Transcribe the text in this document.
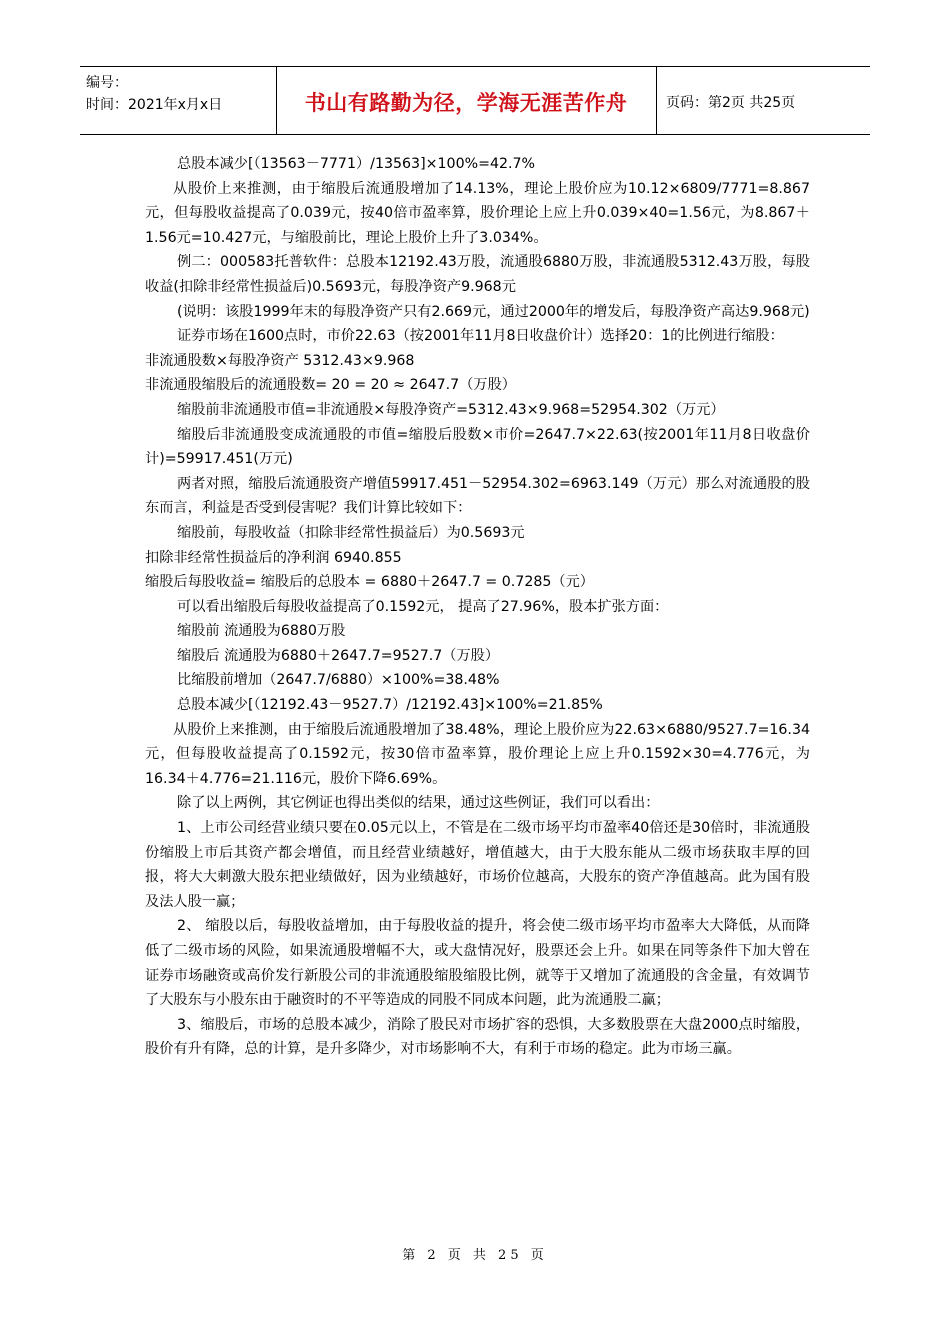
编号：
时间：2021年x月x日	书山有路勤为径，学海无涯苦作舟	页码：第2页 共25页

总股本减少[（13563－7771）/13563]×100%=42.7%

从股价上来推测，由于缩股后流通股增加了14.13%，理论上股价应为10.12×6809/7771=8.867元，但每股收益提高了0.039元，按40倍市盈率算，股价理论上应上升0.039×40=1.56元，为8.867＋1.56元=10.427元，与缩股前比，理论上股价上升了3.034%。

例二：000583托普软件：总股本12192.43万股，流通股6880万股，非流通股5312.43万股，每股收益(扣除非经常性损益后)0.5693元，每股净资产9.968元

(说明：该股1999年末的每股净资产只有2.669元，通过2000年的增发后，每股净资产高达9.968元)

证券市场在1600点时，市价22.63（按2001年11月8日收盘价计）选择20：1的比例进行缩股：

非流通股数×每股净资产 5312.43×9.968

非流通股缩股后的流通股数= 20 = 20 ≈ 2647.7（万股）

缩股前非流通股市值=非流通股×每股净资产=5312.43×9.968=52954.302（万元）

缩股后非流通股变成流通股的市值=缩股后股数×市价=2647.7×22.63(按2001年11月8日收盘价计)=59917.451(万元)

两者对照，缩股后流通股资产增值59917.451－52954.302=6963.149（万元）那么对流通股的股东而言，利益是否受到侵害呢？我们计算比较如下：

缩股前，每股收益（扣除非经常性损益后）为0.5693元

扣除非经常性损益后的净利润 6940.855

缩股后每股收益= 缩股后的总股本 = 6880＋2647.7 = 0.7285（元）

可以看出缩股后每股收益提高了0.1592元， 提高了27.96%，股本扩张方面：

缩股前 流通股为6880万股

缩股后 流通股为6880＋2647.7=9527.7（万股）

比缩股前增加（2647.7/6880）×100%=38.48%

总股本减少[（12192.43－9527.7）/12192.43]×100%=21.85%

从股价上来推测，由于缩股后流通股增加了38.48%，理论上股价应为22.63×6880/9527.7=16.34元，但每股收益提高了0.1592元，按30倍市盈率算，股价理论上应上升0.1592×30=4.776元，为16.34＋4.776=21.116元，股价下降6.69%。

除了以上两例，其它例证也得出类似的结果，通过这些例证，我们可以看出：

1、上市公司经营业绩只要在0.05元以上，不管是在二级市场平均市盈率40倍还是30倍时，非流通股份缩股上市后其资产都会增值，而且经营业绩越好，增值越大，由于大股东能从二级市场获取丰厚的回报，将大大刺激大股东把业绩做好，因为业绩越好，市场价位越高，大股东的资产净值越高。此为国有股及法人股一赢；

2、 缩股以后，每股收益增加，由于每股收益的提升，将会使二级市场平均市盈率大大降低，从而降低了二级市场的风险，如果流通股增幅不大，或大盘情况好，股票还会上升。如果在同等条件下加大曾在证券市场融资或高价发行新股公司的非流通股缩股缩股比例，就等于又增加了流通股的含金量，有效调节了大股东与小股东由于融资时的不平等造成的同股不同成本问题，此为流通股二赢；

3、缩股后，市场的总股本减少，消除了股民对市场扩容的恐惧，大多数股票在大盘2000点时缩股，股价有升有降，总的计算，是升多降少，对市场影响不大，有利于市场的稳定。此为市场三赢。

第 2 页 共 25 页
